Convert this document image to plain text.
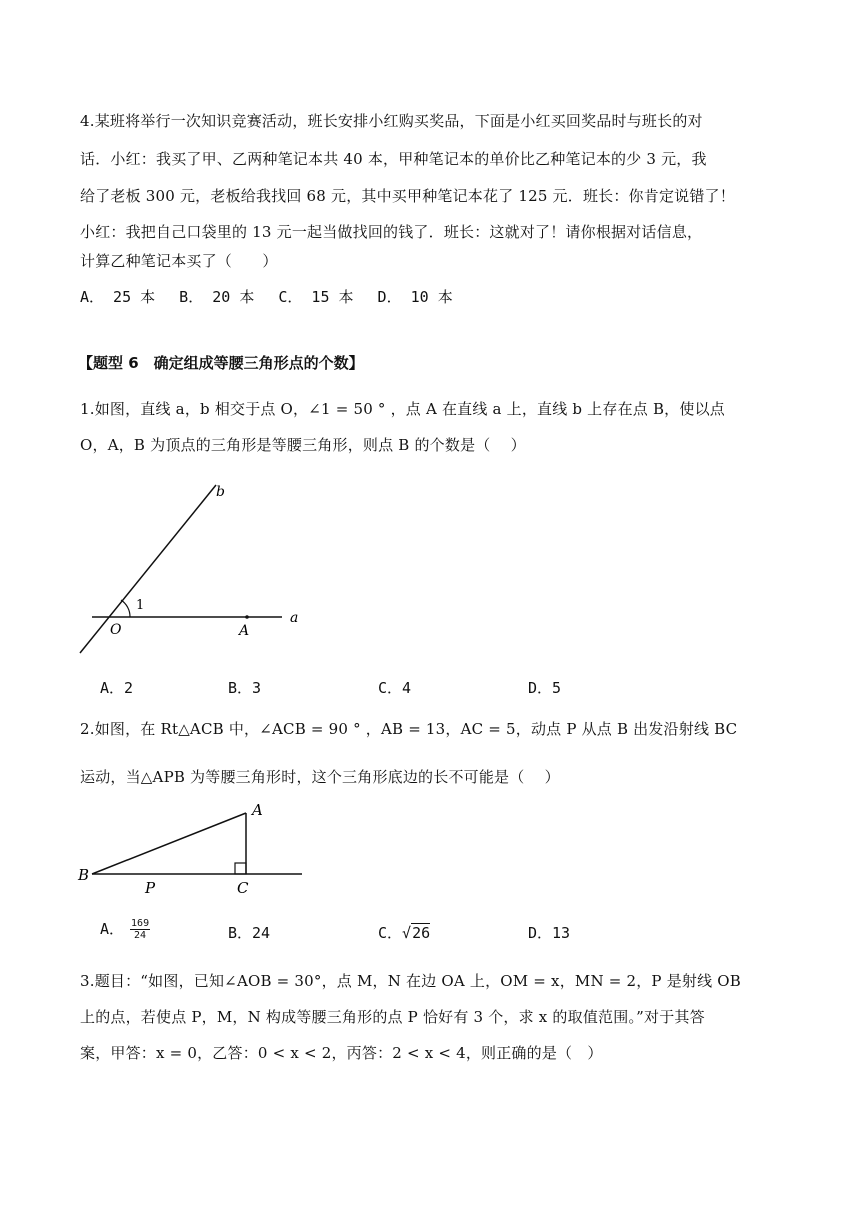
4.某班将举行一次知识竞赛活动，班长安排小红购买奖品，下面是小红买回奖品时与班长的对
话．小红：我买了甲、乙两种笔记本共 40 本，甲种笔记本的单价比乙种笔记本的少 3 元，我
给了老板 300 元，老板给我找回 68 元，其中买甲种笔记本花了 125 元．班长：你肯定说错了！
小红：我把自己口袋里的 13 元一起当做找回的钱了．班长：这就对了！请你根据对话信息，
计算乙种笔记本买了（　　）
A． 25 本　 B． 20 本　 C． 15 本　 D． 10 本
【题型 6　确定组成等腰三角形点的个数】
1.如图，直线 a，b 相交于点 O，∠1 = 50 ° ，点 A 在直线 a 上，直线 b 上存在点 B，使以点
O，A，B 为顶点的三角形是等腰三角形，则点 B 的个数是（　 ）
b
1
O	A
a
A．2	B．3	C．4	D．5
2.如图，在 Rt△ACB 中，∠ACB = 90 ° ，AB = 13，AC = 5，动点 P 从点 B 出发沿射线 BC
运动，当△APB 为等腰三角形时，这个三角形底边的长不可能是（　 ）
A
B
P	C
A． $\frac{169}{24}$	B．24	C．√26	D．13
3.题目：“如图，已知∠AOB = 30°，点 M，N 在边 OA 上，OM = x，MN = 2，P 是射线 OB
上的点，若使点 P，M，N 构成等腰三角形的点 P 恰好有 3 个，求 x 的取值范围。”对于其答
案，甲答：x = 0，乙答：0 < x < 2，丙答：2 < x < 4，则正确的是（　）
